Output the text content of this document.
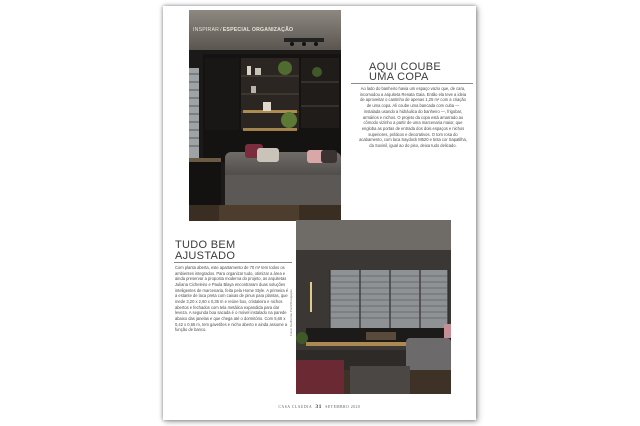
INSPIRAR/ESPECIAL ORGANIZAÇÃO
AQUI COUBE
UMA COPA
Ao lado do banheiro havia um espaço vazio que, de cara, incomodou a arquiteta Renata Gaia. Então ela teve a ideia de aproveitar o cantinho de apenas 1,25 m² com a criação de uma copa. Ali coube uma bancada com cuba — instalada usando a hidráulica do banheiro —, frigobar, armários e nichos. O projeto da copa está amarrado ao cômodo vizinho a partir de uma marcenaria maior, que engloba as portas de entrada dos dois espaços e nichos superiores, práticos e decorativos. O tom rosa do acabamento, com laca Saydock M520 e tinta cor Sapatilha, da Suvinil, igual ao do piso, deixa tudo delicado.
Fotos: Guilherme Pucci/Divulgação
TUDO BEM
AJUSTADO
Com planta aberta, este apartamento de 70 m² tem todos os ambientes integrados. Para organizar tudo, otimizar a área e ainda preservar a proposta moderna do projeto, as arquitetas Juliana Cicheleiro e Paula Blaya encontraram duas soluções inteligentes de marcenaria, feita pela Home Style. A primeira é a estante de laca preta com caixas de pinus para plantas, que mede 3,20 x 2,60 x 0,35 m e reúne box, cristaleira e nichos abertos e fechados com tela metálica expandida para dar leveza. A segunda boa sacada é o móvel instalado na parede abaixo das janelas e que chega até o dormitório. Com 5,60 x 0,42 x 0,65 m, tem gavetões e nicho aberto e ainda assume a função de banco.
CASA CLAUDIA 31 SETEMBRO 2020
